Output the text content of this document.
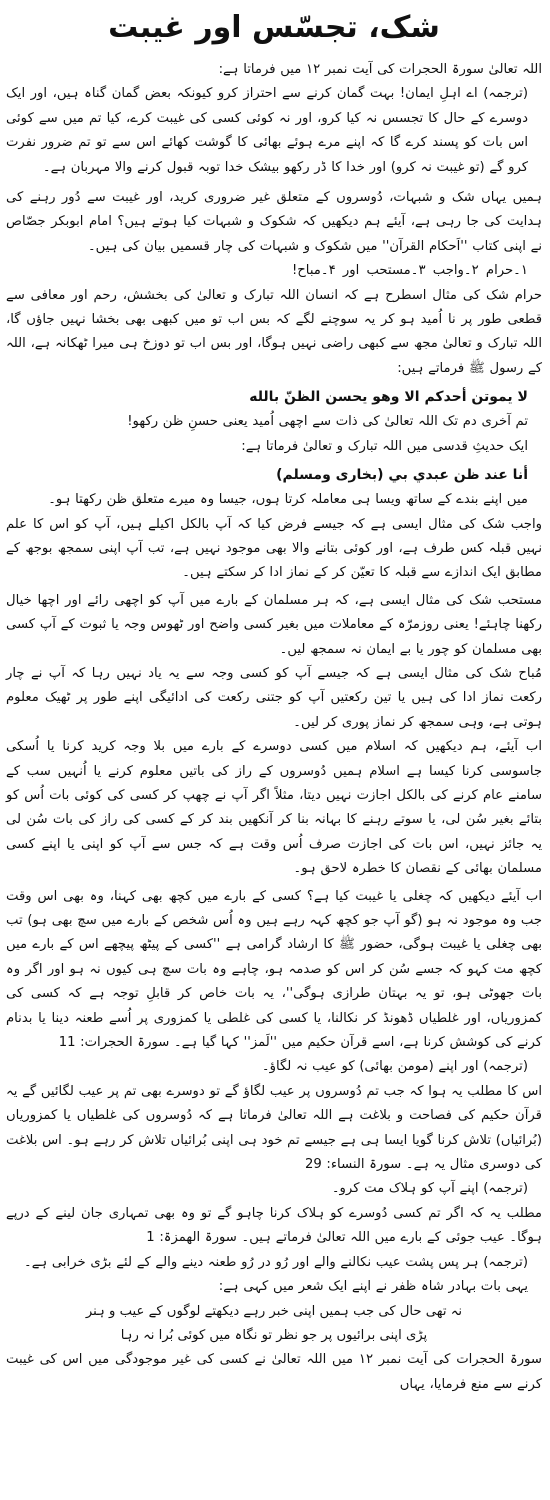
شک، تجسّس اور غیبت

اللہ تعالیٰ سورۃ الحجرات کی آیت نمبر ۱۲ میں فرماتا ہے:

(ترجمہ) اے اہلِ ایمان! بہت گمان کرنے سے احتراز کرو کیونکہ بعض گمان گناہ ہیں، اور ایک دوسرے کے حال کا تجسس نہ کیا کرو، اور نہ کوئی کسی کی غیبت کرے، کیا تم میں سے کوئی اس بات کو پسند کرے گا کہ اپنے مرے ہوئے بھائی کا گوشت کھائے اس سے تو تم ضرور نفرت کرو گے (تو غیبت نہ کرو) اور خدا کا ڈر رکھو بیشک خدا توبہ قبول کرنے والا مہربان ہے۔

ہمیں یہاں شک و شبہات، دُوسروں کے متعلق غیر ضروری کرید، اور غیبت سے دُور رہنے کی ہدایت کی جا رہی ہے، آیئے ہم دیکھیں کہ شکوک و شبہات کیا ہوتے ہیں؟ امام ابوبکر جصّاص نے اپنی کتاب ''اَحکام القرآن'' میں شکوک و شبہات کی چار قسمیں بیان کی ہیں۔

۱۔حرام ۲۔واجب ۳۔مستحب اور ۴۔مباح!

حرام شک کی مثال اسطرح ہے کہ انسان اللہ تبارک و تعالیٰ کی بخشش، رحم اور معافی سے قطعی طور پر نا اُمید ہو کر یہ سوچنے لگے کہ بس اب تو میں کبھی بھی بخشا نہیں جاؤں گا، اللہ تبارک و تعالیٰ مجھ سے کبھی راضی نہیں ہوگا، اور بس اب تو دوزخ ہی میرا ٹھکانہ ہے، اللہ کے رسول ﷺ فرماتے ہیں:

لا يموتن أحدكم الا وهو يحسن الظنّ بالله

تم آخری دم تک اللہ تعالیٰ کی ذات سے اچھی اُمید یعنی حسنِ ظن رکھو!

ایک حدیثِ قدسی میں اللہ تبارک و تعالیٰ فرماتا ہے:

أنا عند ظن عبدي بي (بخاری ومسلم)

میں اپنے بندے کے ساتھ ویسا ہی معاملہ کرتا ہوں، جیسا وہ میرے متعلق ظن رکھتا ہو۔

واجب شک کی مثال ایسی ہے کہ جیسے فرض کیا کہ آپ بالکل اکیلے ہیں، آپ کو اس کا علم نہیں قبلہ کس طرف ہے، اور کوئی بتانے والا بھی موجود نہیں ہے، تب آپ اپنی سمجھ بوجھ کے مطابق ایک اندازے سے قبلہ کا تعیّن کر کے نماز ادا کر سکتے ہیں۔

مستحب شک کی مثال ایسی ہے، کہ ہر مسلمان کے بارے میں آپ کو اچھی رائے اور اچھا خیال رکھنا چاہئے! یعنی روزمرّہ کے معاملات میں بغیر کسی واضح اور ٹھوس وجہ یا ثبوت کے آپ کسی بھی مسلمان کو چور یا بے ایمان نہ سمجھ لیں۔

مُباح شک کی مثال ایسی ہے کہ جیسے آپ کو کسی وجہ سے یہ یاد نہیں رہا کہ آپ نے چار رکعت نماز ادا کی ہیں یا تین رکعتیں آپ کو جتنی رکعت کی ادائیگی اپنے طور پر ٹھیک معلوم ہوتی ہے، وہی سمجھ کر نماز پوری کر لیں۔

اب آیئے، ہم دیکھیں کہ اسلام میں کسی دوسرے کے بارے میں بلا وجہ کرید کرنا یا اُسکی جاسوسی کرنا کیسا ہے اسلام ہمیں دُوسروں کے راز کی باتیں معلوم کرنے یا اُنہیں سب کے سامنے عام کرنے کی بالکل اجازت نہیں دیتا، مثلاً اگر آپ نے چھپ کر کسی کی کوئی بات اُس کو بتائے بغیر سُن لی، یا سوتے رہنے کا بہانہ بنا کر آنکھیں بند کر کے کسی کی راز کی بات سُن لی یہ جائز نہیں، اس بات کی اجازت صرف اُس وقت ہے کہ جس سے آپ کو اپنی یا اپنے کسی مسلمان بھائی کے نقصان کا خطرہ لاحق ہو۔

اب آیئے دیکھیں کہ چغلی یا غیبت کیا ہے؟ کسی کے بارے میں کچھ بھی کہنا، وہ بھی اس وقت جب وہ موجود نہ ہو (گو آپ جو کچھ کہہ رہے ہیں وہ اُس شخص کے بارے میں سچ بھی ہو) تب بھی چغلی یا غیبت ہوگی، حضور ﷺ کا ارشاد گرامی ہے ''کسی کے پیٹھ پیچھے اس کے بارے میں کچھ مت کہو کہ جسے سُن کر اس کو صدمہ ہو، چاہے وہ بات سچ ہی کیوں نہ ہو اور اگر وہ بات جھوٹی ہو، تو یہ بہتان طرازی ہوگی''، یہ بات خاص کر قابلِ توجہ ہے کہ کسی کی کمزوریاں، اور غلطیاں ڈھونڈ کر نکالنا، یا کسی کی غلطی یا کمزوری پر اُسے طعنہ دینا یا بدنام کرنے کی کوشش کرنا ہے، اسے قرآن حکیم میں ''لَمز'' کہا گیا ہے۔ سورۃ الحجرات: 11

(ترجمہ) اور اپنے (مومن بھائی) کو عیب نہ لگاؤ۔

اس کا مطلب یہ ہوا کہ جب تم دُوسروں پر عیب لگاؤ گے تو دوسرے بھی تم پر عیب لگائیں گے یہ قرآن حکیم کی فصاحت و بلاغت ہے اللہ تعالیٰ فرماتا ہے کہ دُوسروں کی غلطیاں یا کمزوریاں (بُرائیاں) تلاش کرنا گویا ایسا ہی ہے جیسے تم خود ہی اپنی بُرائیاں تلاش کر رہے ہو۔ اس بلاغت کی دوسری مثال یہ ہے۔ سورۃ النساء: 29

(ترجمہ) اپنے آپ کو ہلاک مت کرو۔

مطلب یہ کہ اگر تم کسی دُوسرے کو ہلاک کرنا چاہو گے تو وہ بھی تمہاری جان لینے کے درپے ہوگا۔ عیب جوئی کے بارے میں اللہ تعالیٰ فرماتے ہیں۔ سورۃ الھمزۃ: 1

(ترجمہ) ہر پس پشت عیب نکالنے والے اور رُو در رُو طعنہ دینے والے کے لئے بڑی خرابی ہے۔

یہی بات بہادر شاہ ظفر نے اپنے ایک شعر میں کہی ہے:

نہ تھی حال کی جب ہمیں اپنی خبر رہے دیکھتے لوگوں کے عیب و ہنر

پڑی اپنی برائیوں پر جو نظر تو نگاہ میں کوئی بُرا نہ رہا

سورۃ الحجرات کی آیت نمبر ۱۲ میں اللہ تعالیٰ نے کسی کی غیر موجودگی میں اس کی غیبت کرنے سے منع فرمایا، یہاں
